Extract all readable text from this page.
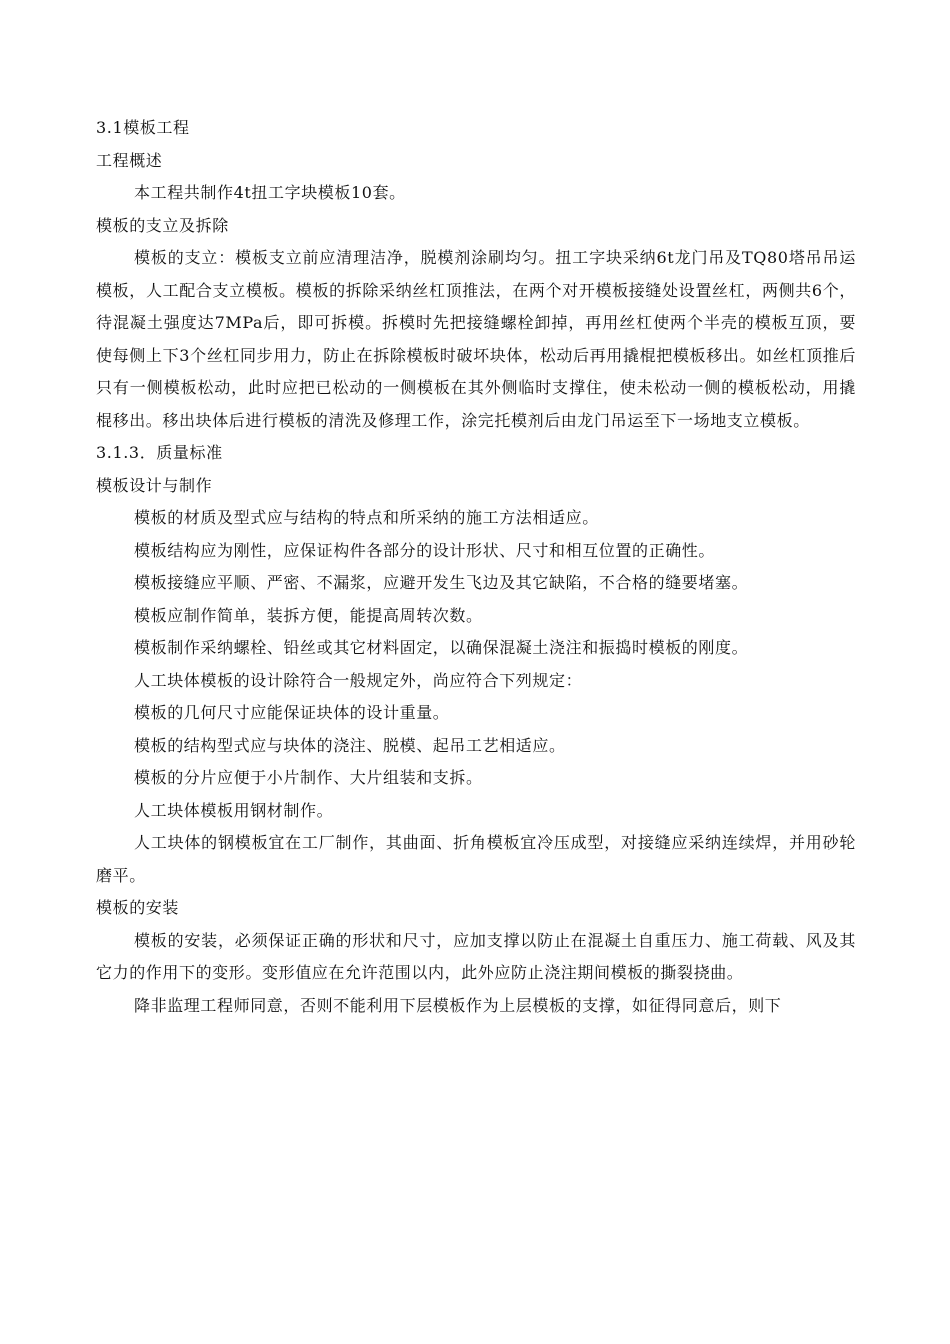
3.1模板工程

工程概述

本工程共制作4t扭工字块模板10套。

模板的支立及拆除

模板的支立：模板支立前应清理洁净，脱模剂涂刷均匀。扭工字块采纳6t龙门吊及TQ80塔吊吊运模板，人工配合支立模板。模板的拆除采纳丝杠顶推法，在两个对开模板接缝处设置丝杠，两侧共6个，待混凝土强度达7MPa后，即可拆模。拆模时先把接缝螺栓卸掉，再用丝杠使两个半壳的模板互顶，要使每侧上下3个丝杠同步用力，防止在拆除模板时破坏块体，松动后再用撬棍把模板移出。如丝杠顶推后只有一侧模板松动，此时应把已松动的一侧模板在其外侧临时支撑住，使未松动一侧的模板松动，用撬棍移出。移出块体后进行模板的清洗及修理工作，涂完托模剂后由龙门吊运至下一场地支立模板。

3.1.3．质量标准

模板设计与制作

模板的材质及型式应与结构的特点和所采纳的施工方法相适应。

模板结构应为刚性，应保证构件各部分的设计形状、尺寸和相互位置的正确性。

模板接缝应平顺、严密、不漏浆，应避开发生飞边及其它缺陷，不合格的缝要堵塞。

模板应制作简单，装拆方便，能提高周转次数。

模板制作采纳螺栓、铅丝或其它材料固定，以确保混凝土浇注和振捣时模板的刚度。

人工块体模板的设计除符合一般规定外，尚应符合下列规定：

模板的几何尺寸应能保证块体的设计重量。

模板的结构型式应与块体的浇注、脱模、起吊工艺相适应。

模板的分片应便于小片制作、大片组装和支拆。

人工块体模板用钢材制作。

人工块体的钢模板宜在工厂制作，其曲面、折角模板宜冷压成型，对接缝应采纳连续焊，并用砂轮磨平。

模板的安装

模板的安装，必须保证正确的形状和尺寸，应加支撑以防止在混凝土自重压力、施工荷载、风及其它力的作用下的变形。变形值应在允许范围以内，此外应防止浇注期间模板的撕裂挠曲。

降非监理工程师同意，否则不能利用下层模板作为上层模板的支撑，如征得同意后，则下
